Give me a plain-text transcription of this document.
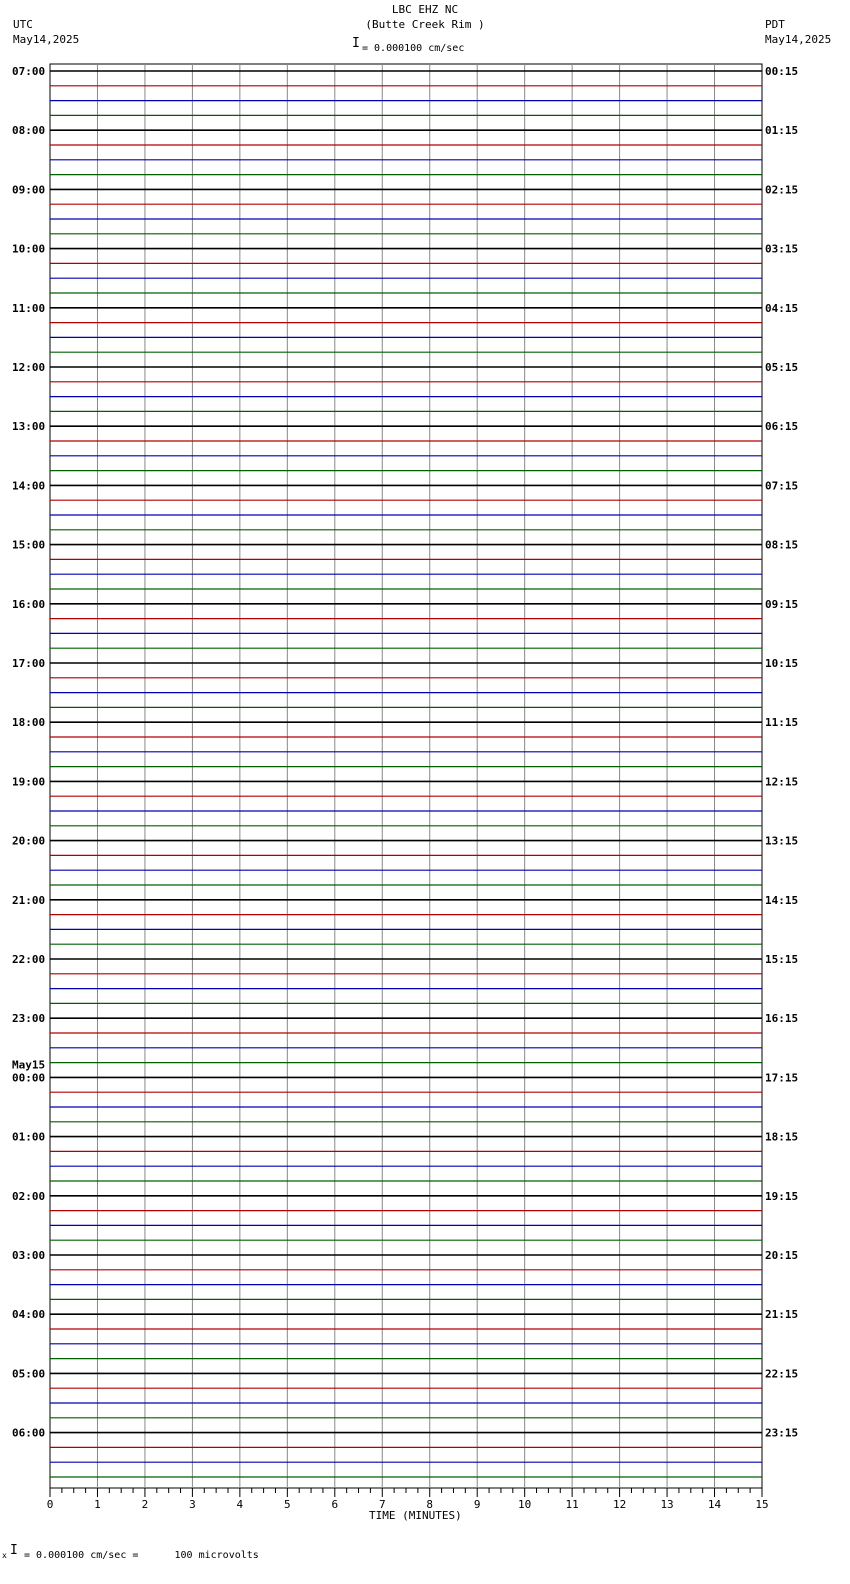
07:00	00:15
08:00	01:15
09:00	02:15
10:00	03:15
11:00	04:15
12:00	05:15
13:00	06:15
14:00	07:15
15:00	08:15
16:00	09:15
17:00	10:15
18:00	11:15
19:00	12:15
20:00	13:15
21:00	14:15
22:00	15:15
23:00	16:15
00:00	17:15
01:00	18:15
02:00	19:15
03:00	20:15
04:00	21:15
05:00	22:15
06:00	23:15
May15
0	1	2	3	4	5	6	7	8	9	10	11	12	13	14	15
LBC EHZ NC
(Butte Creek Rim )
I = 0.000100 cm/sec
UTC
May14,2025
PDT
May14,2025
TIME (MINUTES)
x I = 0.000100 cm/sec =      100 microvolts
